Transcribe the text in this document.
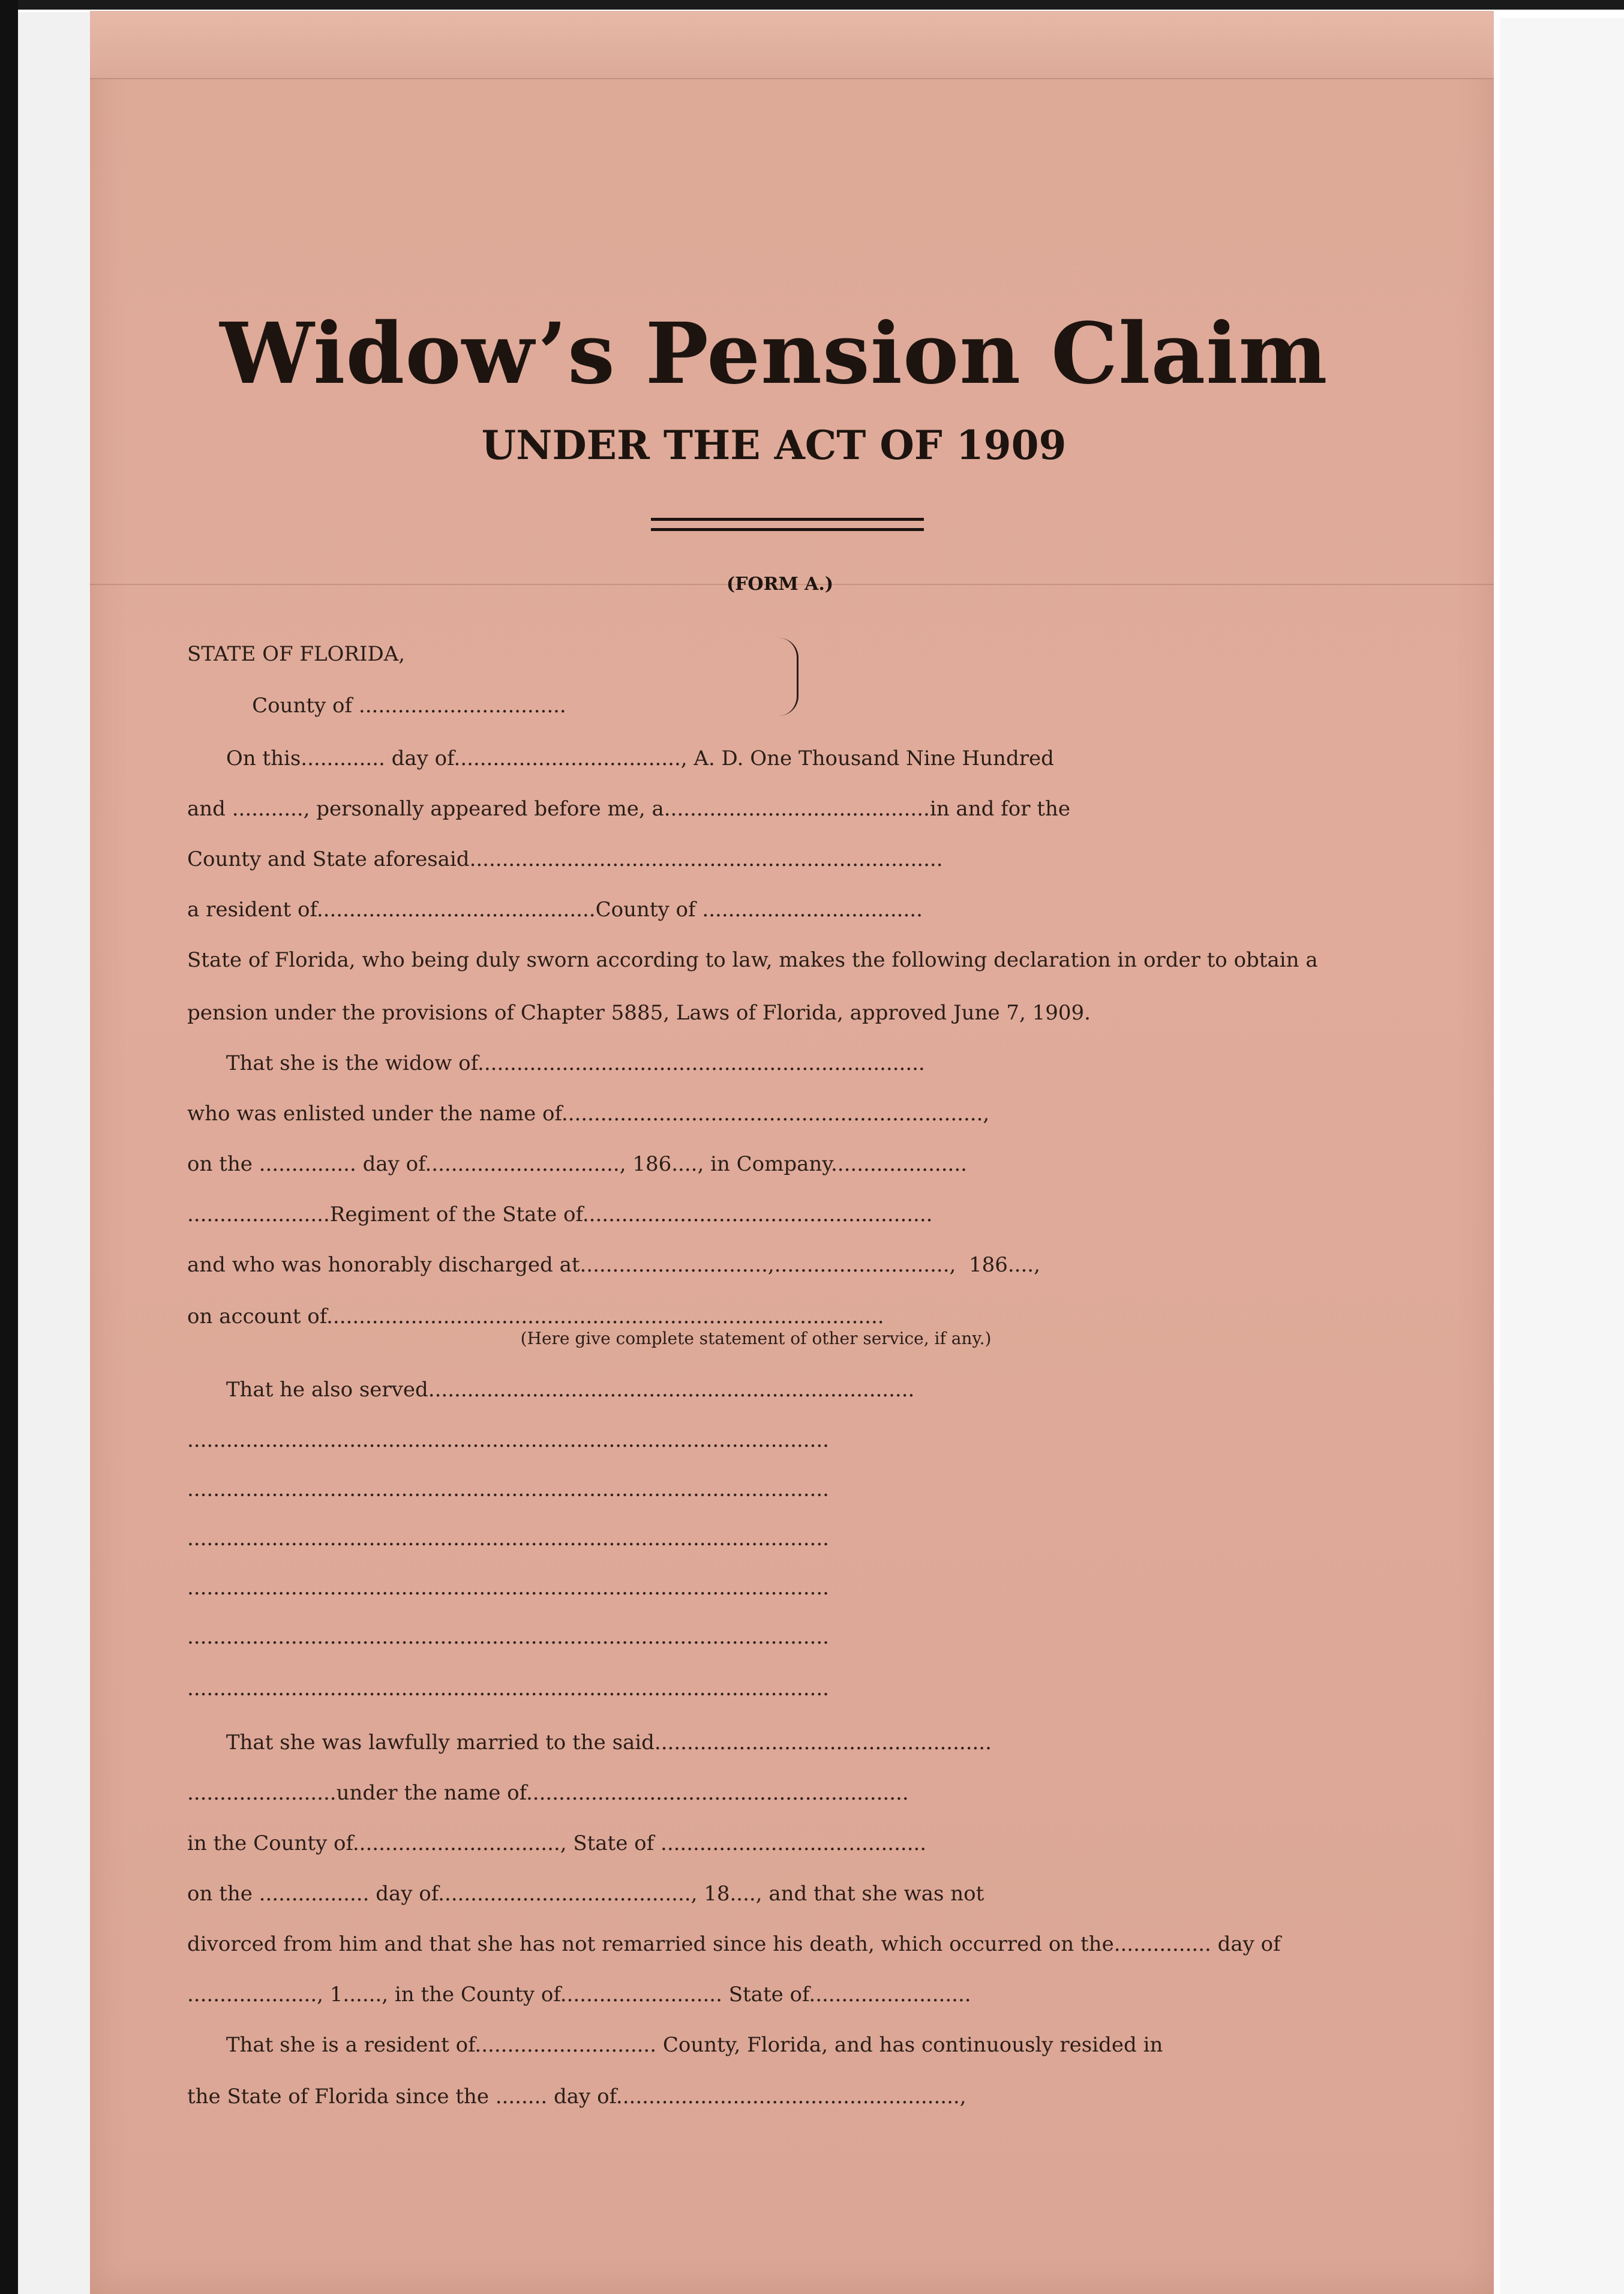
Widow’s Pension Claim
UNDER THE ACT OF 1909
(FORM A.)
STATE OF FLORIDA,
County of ................................
On this............. day of..................................., A. D. One Thousand Nine Hundred
and ..........., personally appeared before me, a.........................................in and for the
County and State aforesaid.........................................................................
a resident of...........................................County of ..................................
State of Florida, who being duly sworn according to law, makes the following declaration in order to obtain a
pension under the provisions of Chapter 5885, Laws of Florida, approved June 7, 1909.
That she is the widow of.....................................................................
who was enlisted under the name of.................................................................,
on the ............... day of.............................., 186...., in Company.....................
......................Regiment of the State of......................................................
and who was honorably discharged at.............................,...........................,  186....,
on account of......................................................................................
(Here give complete statement of other service, if any.)
That he also served...........................................................................
...................................................................................................
...................................................................................................
...................................................................................................
...................................................................................................
...................................................................................................
...................................................................................................
That she was lawfully married to the said....................................................
.......................under the name of...........................................................
in the County of................................, State of .........................................
on the ................. day of......................................., 18...., and that she was not
divorced from him and that she has not remarried since his death, which occurred on the............... day of
...................., 1......, in the County of......................... State of.........................
That she is a resident of............................ County, Florida, and has continuously resided in
the State of Florida since the ........ day of.....................................................,
